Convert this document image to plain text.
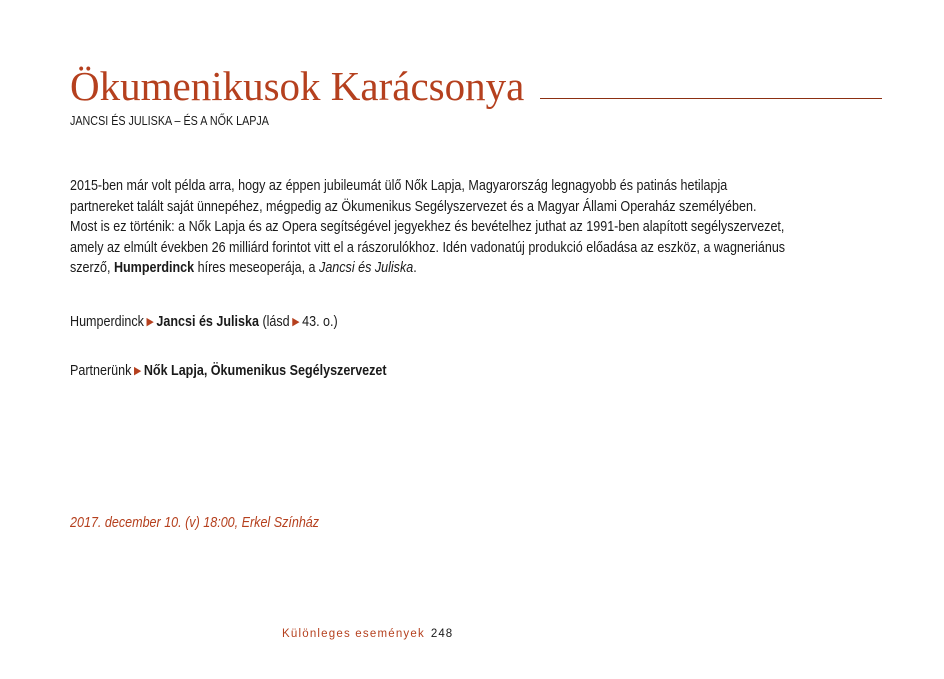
Ökumenikusok Karácsonya
JANCSI ÉS JULISKA – ÉS A NŐK LAPJA
2015-ben már volt példa arra, hogy az éppen jubileumát ülő Nők Lapja, Magyarország legnagyobb és patinás hetilapja
partnereket talált saját ünnepéhez, mégpedig az Ökumenikus Segélyszervezet és a Magyar Állami Operaház személyében.
Most is ez történik: a Nők Lapja és az Opera segítségével jegyekhez és bevételhez juthat az 1991-ben alapított segélyszervezet,
amely az elmúlt években 26 milliárd forintot vitt el a rászorulókhoz. Idén vadonatúj produkció előadása az eszköz, a wagneriánus
szerző, Humperdinck híres meseoperája, a Jancsi és Juliska.
Humperdinck ▶ Jancsi és Juliska (lásd ▶ 43. o.)
Partnerünk ▶ Nők Lapja, Ökumenikus Segélyszervezet
2017. december 10. (v) 18:00, Erkel Színház
Különleges események 248
